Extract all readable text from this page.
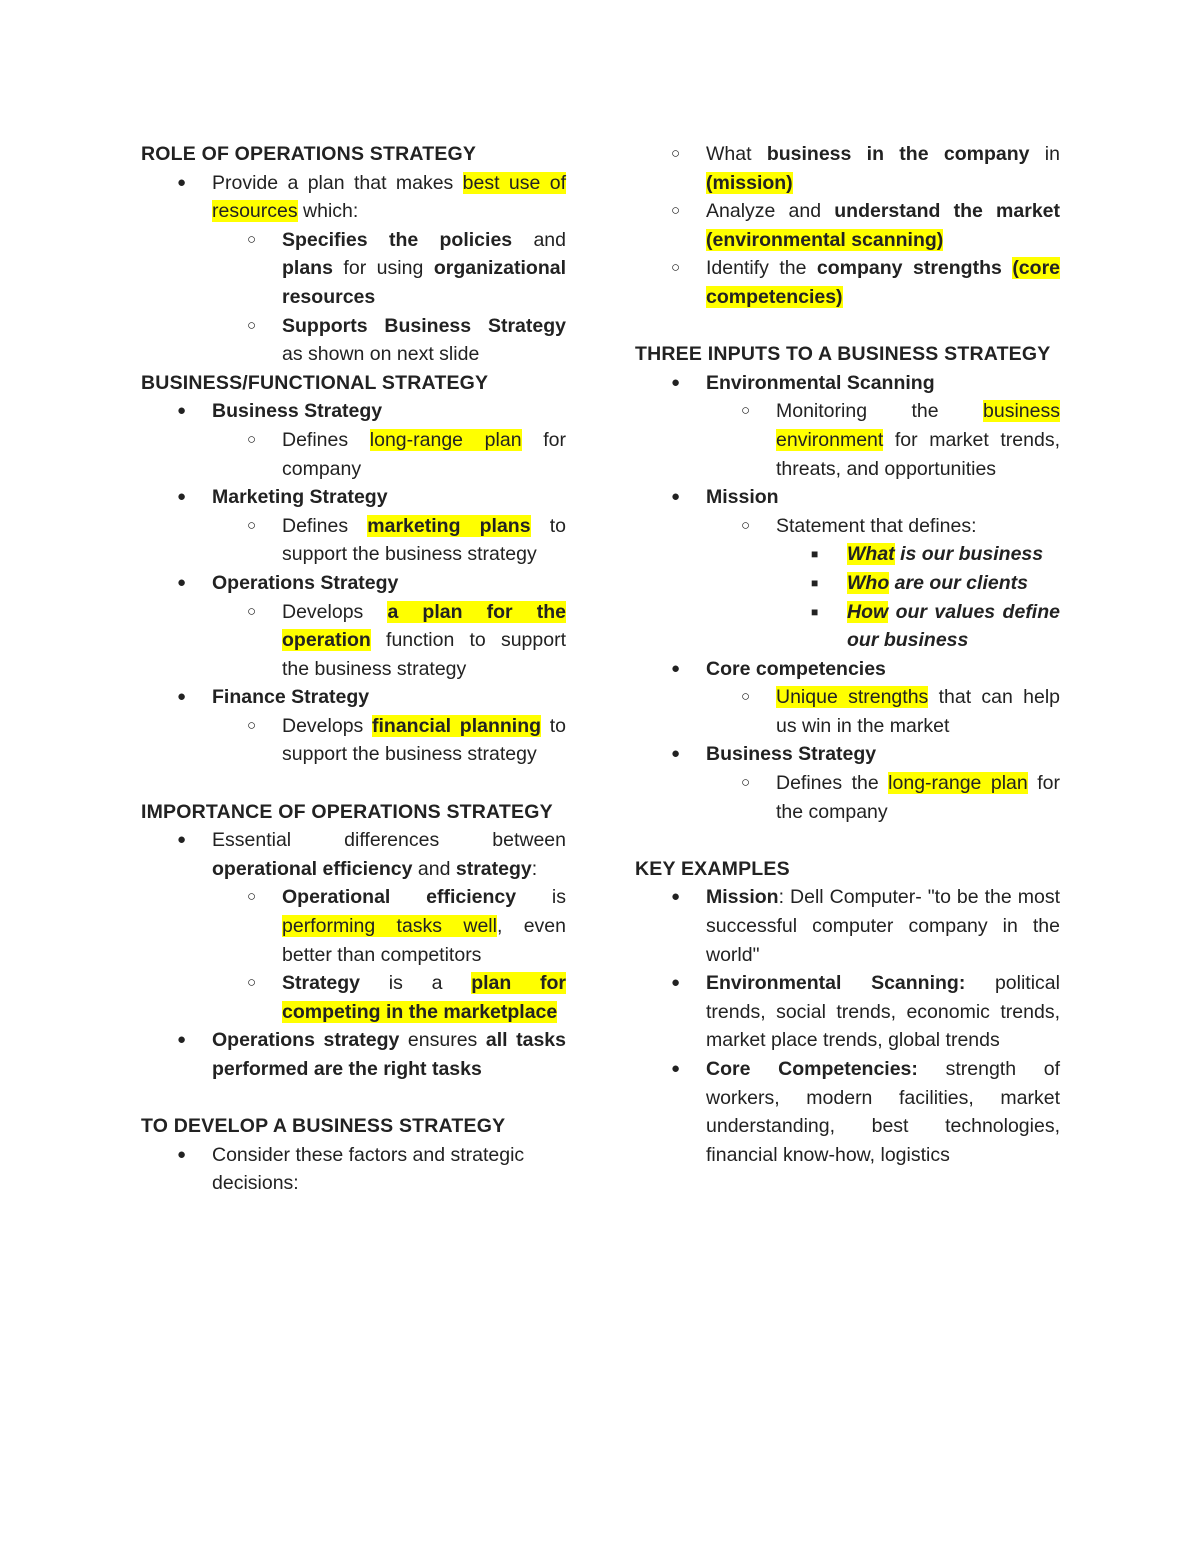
ROLE OF OPERATIONS STRATEGY
● Provide a plan that makes best use of resources which:
○ Specifies the policies and plans for using organizational resources
○ Supports Business Strategy as shown on next slide
BUSINESS/FUNCTIONAL STRATEGY
● Business Strategy
○ Defines long-range plan for company
● Marketing Strategy
○ Defines marketing plans to support the business strategy
● Operations Strategy
○ Develops a plan for the operation function to support the business strategy
● Finance Strategy
○ Develops financial planning to support the business strategy
IMPORTANCE OF OPERATIONS STRATEGY
● Essential differences between operational efficiency and strategy:
○ Operational efficiency is performing tasks well, even better than competitors
○ Strategy is a plan for competing in the marketplace
● Operations strategy ensures all tasks performed are the right tasks
TO DEVELOP A BUSINESS STRATEGY
● Consider these factors and strategic decisions:
○ What business in the company in (mission)
○ Analyze and understand the market (environmental scanning)
○ Identify the company strengths (core competencies)
THREE INPUTS TO A BUSINESS STRATEGY
● Environmental Scanning
○ Monitoring the business environment for market trends, threats, and opportunities
● Mission
○ Statement that defines:
■ What is our business
■ Who are our clients
■ How our values define our business
● Core competencies
○ Unique strengths that can help us win in the market
● Business Strategy
○ Defines the long-range plan for the company
KEY EXAMPLES
● Mission: Dell Computer- "to be the most successful computer company in the world"
● Environmental Scanning: political trends, social trends, economic trends, market place trends, global trends
● Core Competencies: strength of workers, modern facilities, market understanding, best technologies, financial know-how, logistics
